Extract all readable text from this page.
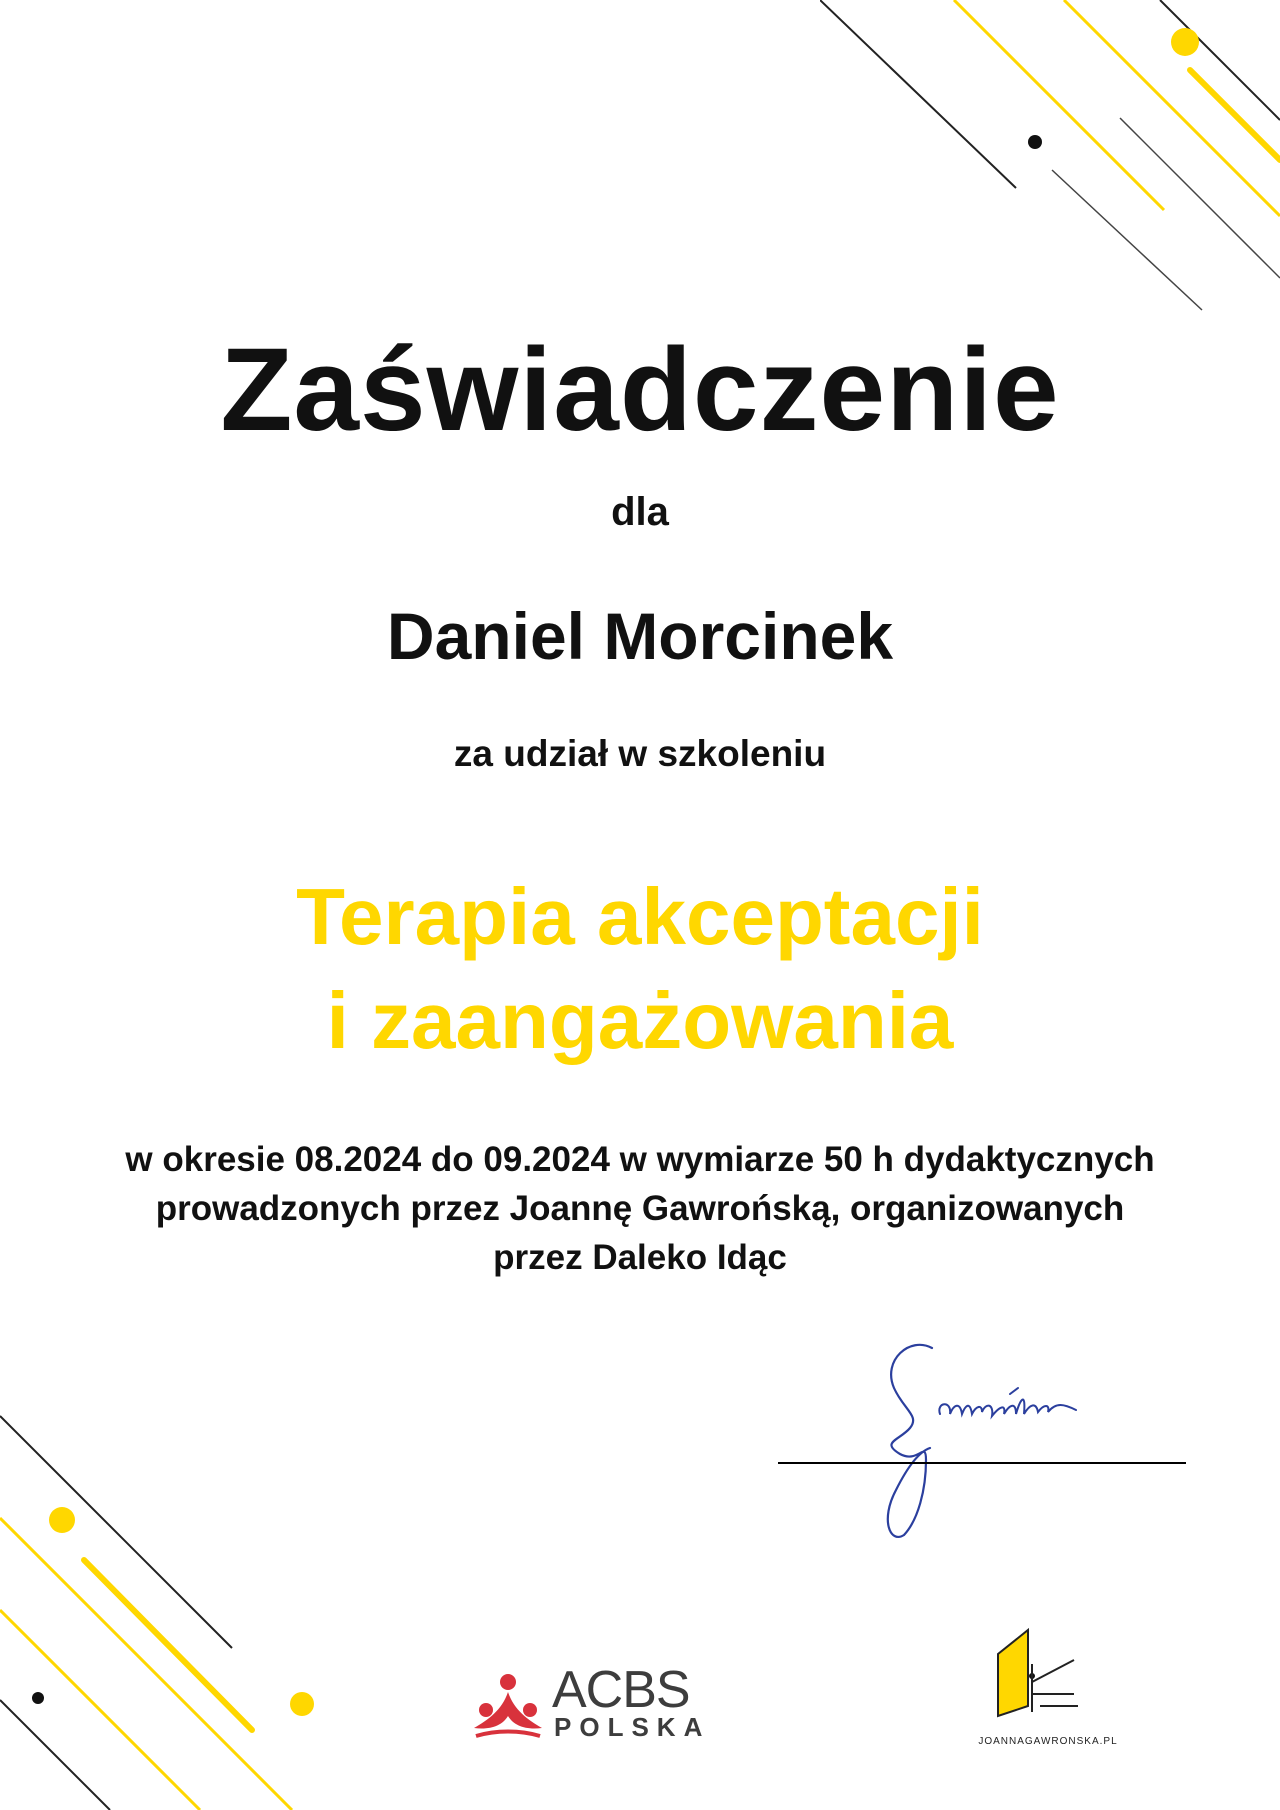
Zaświadczenie
dla
Daniel Morcinek
za udział w szkoleniu
Terapia akceptacji
i zaangażowania
w okresie 08.2024 do 09.2024 w wymiarze 50 h dydaktycznych
prowadzonych przez Joannę Gawrońską, organizowanych
przez Daleko Idąc
ACBS
POLSKA	JOANNAGAWRONSKA.PL
